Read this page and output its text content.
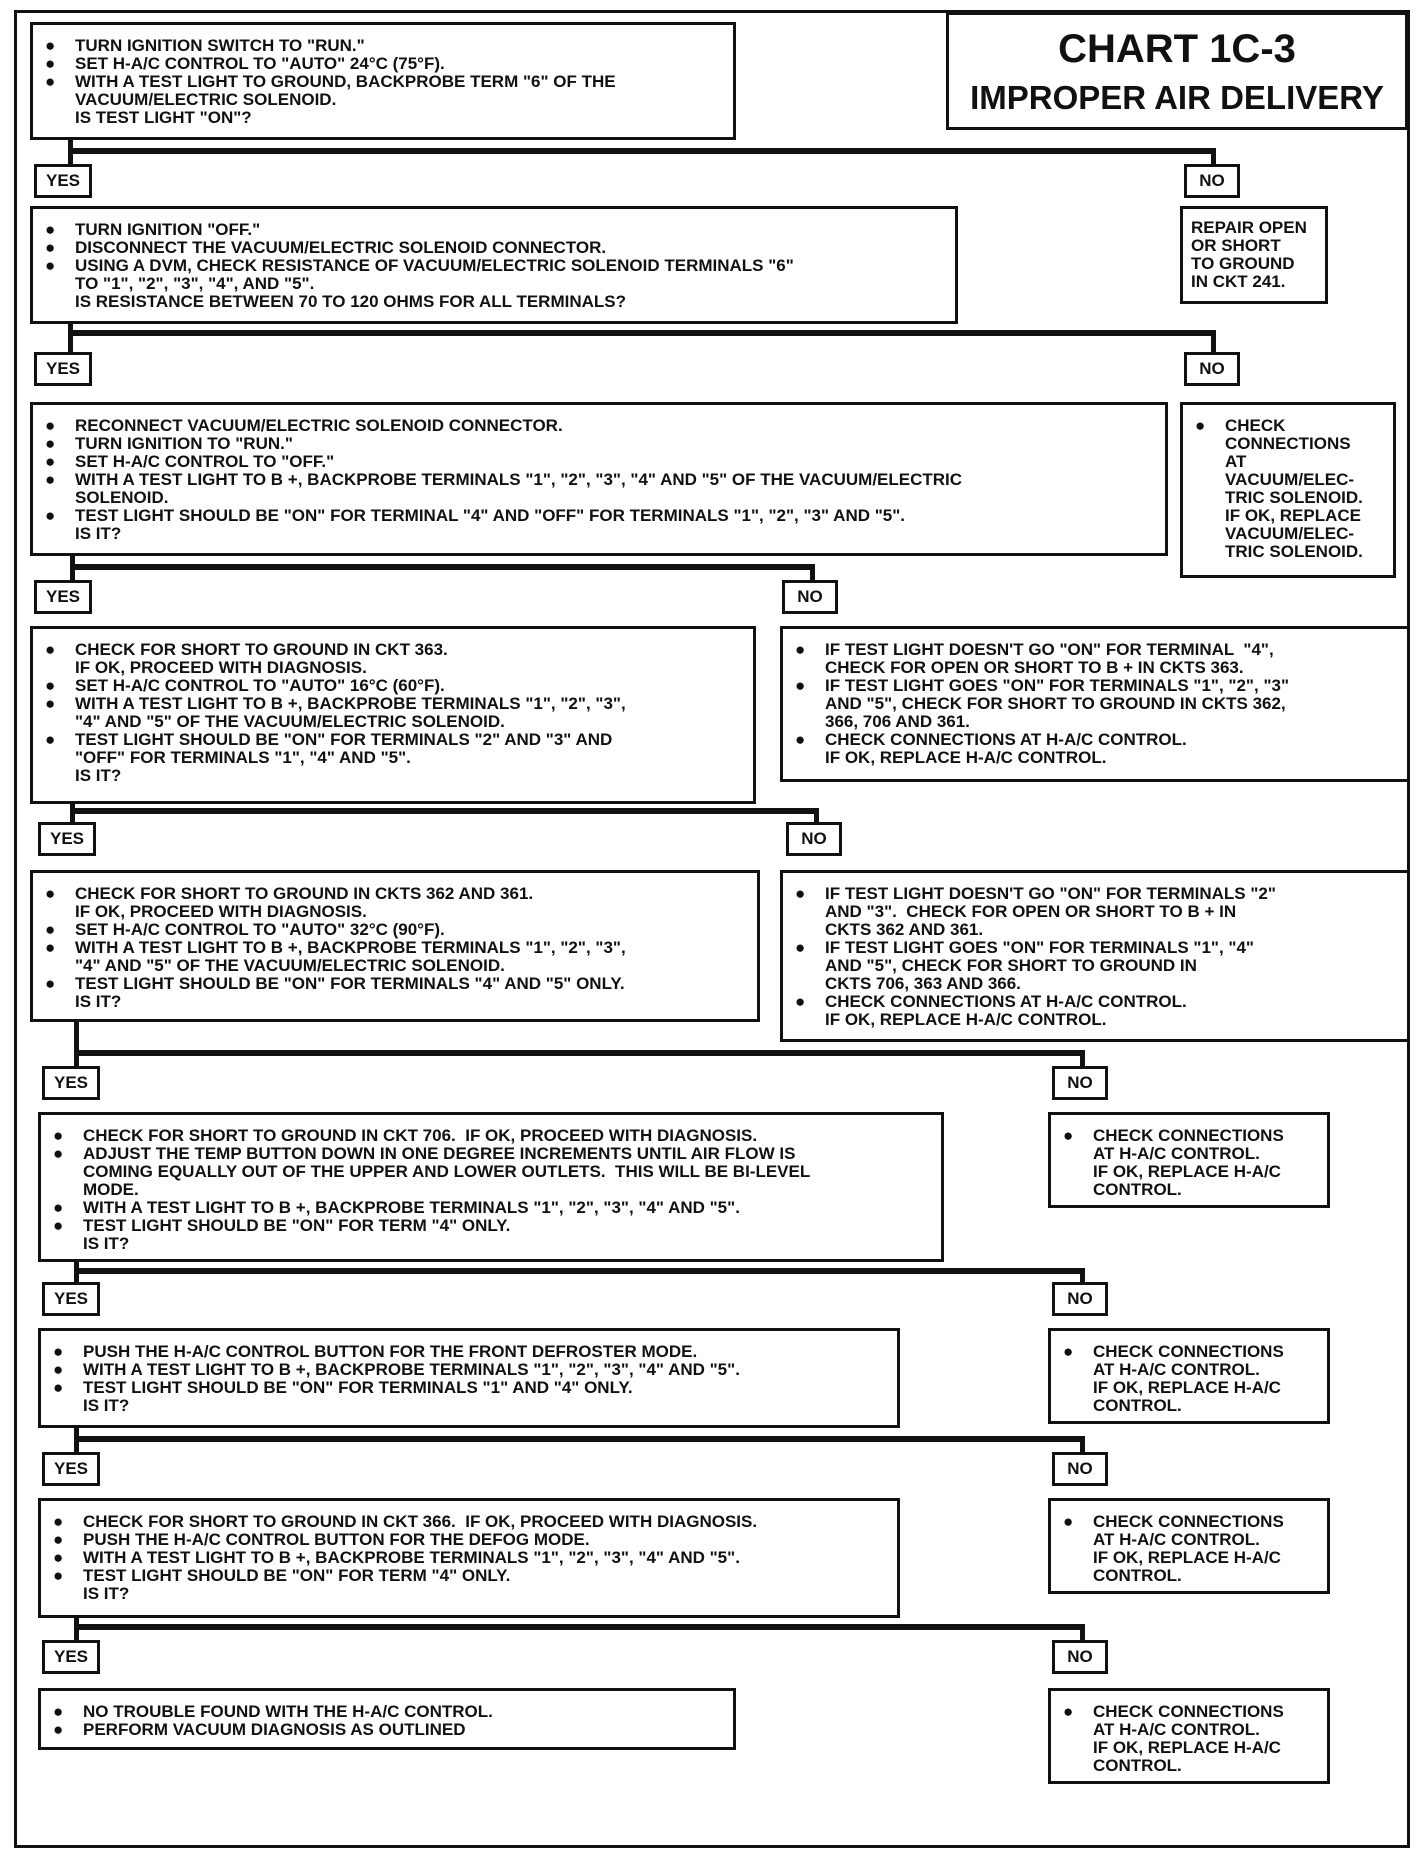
CHART 1C-3
IMPROPER AIR DELIVERY
●	TURN IGNITION SWITCH TO "RUN."
●	SET H-A/C CONTROL TO "AUTO" 24°C (75°F).
●	WITH A TEST LIGHT TO GROUND, BACKPROBE TERM "6" OF THE
VACUUM/ELECTRIC SOLENOID.
IS TEST LIGHT "ON"?
●	TURN IGNITION "OFF."
●	DISCONNECT THE VACUUM/ELECTRIC SOLENOID CONNECTOR.
●	USING A DVM, CHECK RESISTANCE OF VACUUM/ELECTRIC SOLENOID TERMINALS "6"
TO "1", "2", "3", "4", AND "5".
IS RESISTANCE BETWEEN 70 TO 120 OHMS FOR ALL TERMINALS?
●	RECONNECT VACUUM/ELECTRIC SOLENOID CONNECTOR.
●	TURN IGNITION TO "RUN."
●	SET H-A/C CONTROL TO "OFF."
●	WITH A TEST LIGHT TO B +, BACKPROBE TERMINALS "1", "2", "3", "4" AND "5" OF THE VACUUM/ELECTRIC
SOLENOID.
●	TEST LIGHT SHOULD BE "ON" FOR TERMINAL "4" AND "OFF" FOR TERMINALS "1", "2", "3" AND "5".
IS IT?
●	CHECK FOR SHORT TO GROUND IN CKT 363.
IF OK, PROCEED WITH DIAGNOSIS.
●	SET H-A/C CONTROL TO "AUTO" 16°C (60°F).
●	WITH A TEST LIGHT TO B +, BACKPROBE TERMINALS "1", "2", "3",
"4" AND "5" OF THE VACUUM/ELECTRIC SOLENOID.
●	TEST LIGHT SHOULD BE "ON" FOR TERMINALS "2" AND "3" AND
"OFF" FOR TERMINALS "1", "4" AND "5".
IS IT?
●	CHECK FOR SHORT TO GROUND IN CKTS 362 AND 361.
IF OK, PROCEED WITH DIAGNOSIS.
●	SET H-A/C CONTROL TO "AUTO" 32°C (90°F).
●	WITH A TEST LIGHT TO B +, BACKPROBE TERMINALS "1", "2", "3",
"4" AND "5" OF THE VACUUM/ELECTRIC SOLENOID.
●	TEST LIGHT SHOULD BE "ON" FOR TERMINALS "4" AND "5" ONLY.
IS IT?
●	CHECK FOR SHORT TO GROUND IN CKT 706.  IF OK, PROCEED WITH DIAGNOSIS.
●	ADJUST THE TEMP BUTTON DOWN IN ONE DEGREE INCREMENTS UNTIL AIR FLOW IS
COMING EQUALLY OUT OF THE UPPER AND LOWER OUTLETS.  THIS WILL BE BI-LEVEL
MODE.
●	WITH A TEST LIGHT TO B +, BACKPROBE TERMINALS "1", "2", "3", "4" AND "5".
●	TEST LIGHT SHOULD BE "ON" FOR TERM "4" ONLY.
IS IT?
●	PUSH THE H-A/C CONTROL BUTTON FOR THE FRONT DEFROSTER MODE.
●	WITH A TEST LIGHT TO B +, BACKPROBE TERMINALS "1", "2", "3", "4" AND "5".
●	TEST LIGHT SHOULD BE "ON" FOR TERMINALS "1" AND "4" ONLY.
IS IT?
●	CHECK FOR SHORT TO GROUND IN CKT 366.  IF OK, PROCEED WITH DIAGNOSIS.
●	PUSH THE H-A/C CONTROL BUTTON FOR THE DEFOG MODE.
●	WITH A TEST LIGHT TO B +, BACKPROBE TERMINALS "1", "2", "3", "4" AND "5".
●	TEST LIGHT SHOULD BE "ON" FOR TERM "4" ONLY.
IS IT?
●	NO TROUBLE FOUND WITH THE H-A/C CONTROL.
●	PERFORM VACUUM DIAGNOSIS AS OUTLINED
REPAIR OPEN
OR SHORT
TO GROUND
IN CKT 241.
●	CHECK
CONNECTIONS
AT
VACUUM/ELEC-
TRIC SOLENOID.
IF OK, REPLACE
VACUUM/ELEC-
TRIC SOLENOID.
●	IF TEST LIGHT DOESN'T GO "ON" FOR TERMINAL  "4",
CHECK FOR OPEN OR SHORT TO B + IN CKTS 363.
●	IF TEST LIGHT GOES "ON" FOR TERMINALS "1", "2", "3"
AND "5", CHECK FOR SHORT TO GROUND IN CKTS 362,
366, 706 AND 361.
●	CHECK CONNECTIONS AT H-A/C CONTROL.
IF OK, REPLACE H-A/C CONTROL.
●	IF TEST LIGHT DOESN'T GO "ON" FOR TERMINALS "2"
AND "3".  CHECK FOR OPEN OR SHORT TO B + IN
CKTS 362 AND 361.
●	IF TEST LIGHT GOES "ON" FOR TERMINALS "1", "4"
AND "5", CHECK FOR SHORT TO GROUND IN
CKTS 706, 363 AND 366.
●	CHECK CONNECTIONS AT H-A/C CONTROL.
IF OK, REPLACE H-A/C CONTROL.
●	CHECK CONNECTIONS
AT H-A/C CONTROL.
IF OK, REPLACE H-A/C
CONTROL.
●	CHECK CONNECTIONS
AT H-A/C CONTROL.
IF OK, REPLACE H-A/C
CONTROL.
●	CHECK CONNECTIONS
AT H-A/C CONTROL.
IF OK, REPLACE H-A/C
CONTROL.
●	CHECK CONNECTIONS
AT H-A/C CONTROL.
IF OK, REPLACE H-A/C
CONTROL.
YES	NO
YES	NO
YES	NO
YES	NO
YES	NO
YES	NO
YES	NO
YES	NO
